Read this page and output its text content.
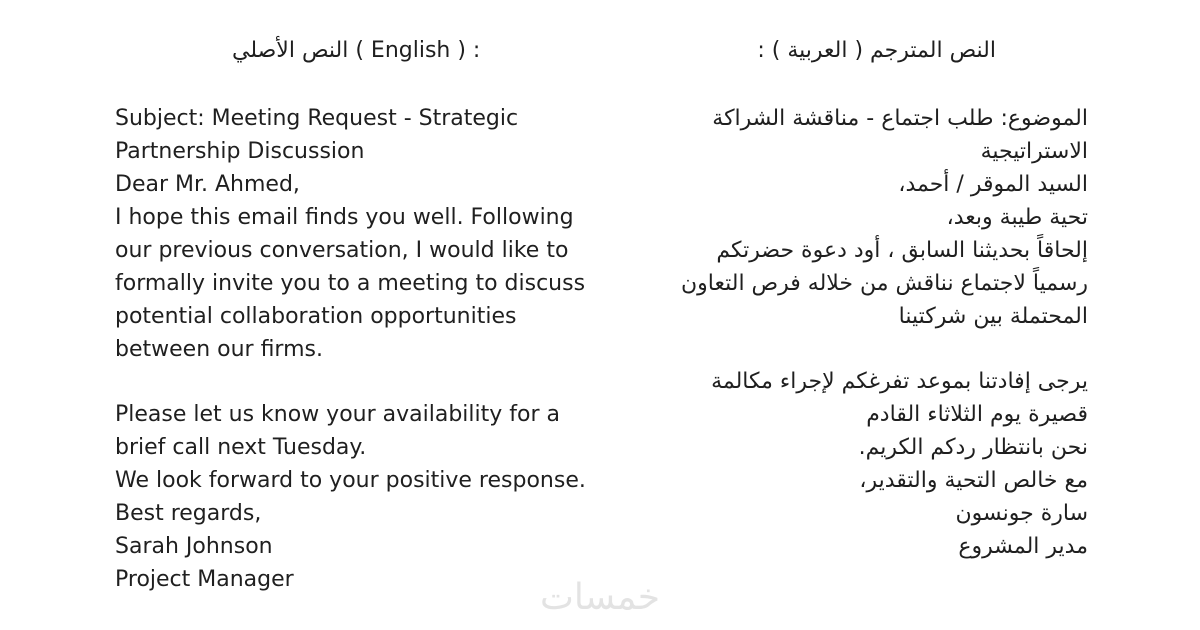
النص الأصلي ( English ) :	النص المترجم ( العربية ) :
Subject: Meeting Request - Strategic
Partnership Discussion
Dear Mr. Ahmed,
I hope this email finds you well. Following
our previous conversation, I would like to
formally invite you to a meeting to discuss
potential collaboration opportunities
between our firms.
Please let us know your availability for a
brief call next Tuesday.
We look forward to your positive response.
Best regards,
Sarah Johnson
Project Manager
الموضوع: طلب اجتماع - مناقشة الشراكة
الاستراتيجية
السيد الموقر / أحمد،
تحية طيبة وبعد،
إلحاقاً بحديثنا السابق ، أود دعوة حضرتكم
رسمياً لاجتماع نناقش من خلاله فرص التعاون
المحتملة بين شركتينا
يرجى إفادتنا بموعد تفرغكم لإجراء مكالمة
قصيرة يوم الثلاثاء القادم
نحن بانتظار ردكم الكريم.
مع خالص التحية والتقدير،
سارة جونسون
مدير المشروع
خمسات
